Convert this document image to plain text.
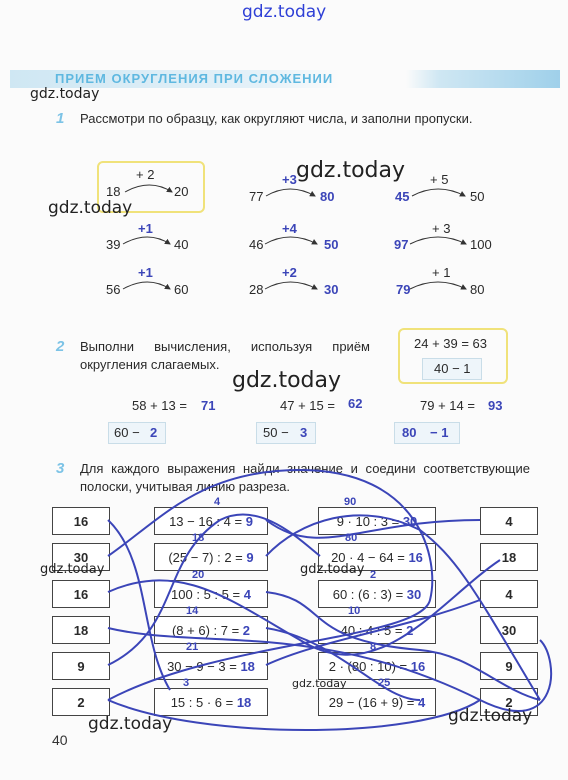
gdz.today
ПРИЕМ ОКРУГЛЕНИЯ ПРИ СЛОЖЕНИИ
gdz.today
1 Рассмотри по образцу, как округляют числа, и заполни пропуски.
+ 2
18	20
+3
77	80
+ 5
45	50
+1
39	40
+4
46	50
+ 3
97	100
+1
56	60
+2
28	30
+ 1
79	80
gdz.today
gdz.today
2 Выполни вычисления, используя приём округления слагаемых.
24 + 39 = 63
40 − 1
gdz.today
58 + 13 = 71
60 − 2
47 + 15 = 62
50 − 3
79 + 14 = 93
80 − 1
3 Для каждого выражения найди значение и соедини соответствующие полоски, учитывая линию разреза.
16
30
16
18
9
2
13 − 16 : 4 =
9
(25 − 7) : 2 =
9
100 : 5 : 5 =
4
(8 + 6) : 7 =
2
30 − 9 − 3 =
18
15 : 5 · 6 =
18
4
18
20
14
21
3
9 · 10 : 3 =
30
20 · 4 − 64 =
16
60 : (6 : 3) =
30
40 : 4 : 5 =
2
2 · (80 : 10) =
16
29 − (16 + 9) =
4
90
80
2
10
8
25
4
18
4
30
9
2
gdz.today	gdz.today
gdz.today
gdz.today	gdz.today
40
